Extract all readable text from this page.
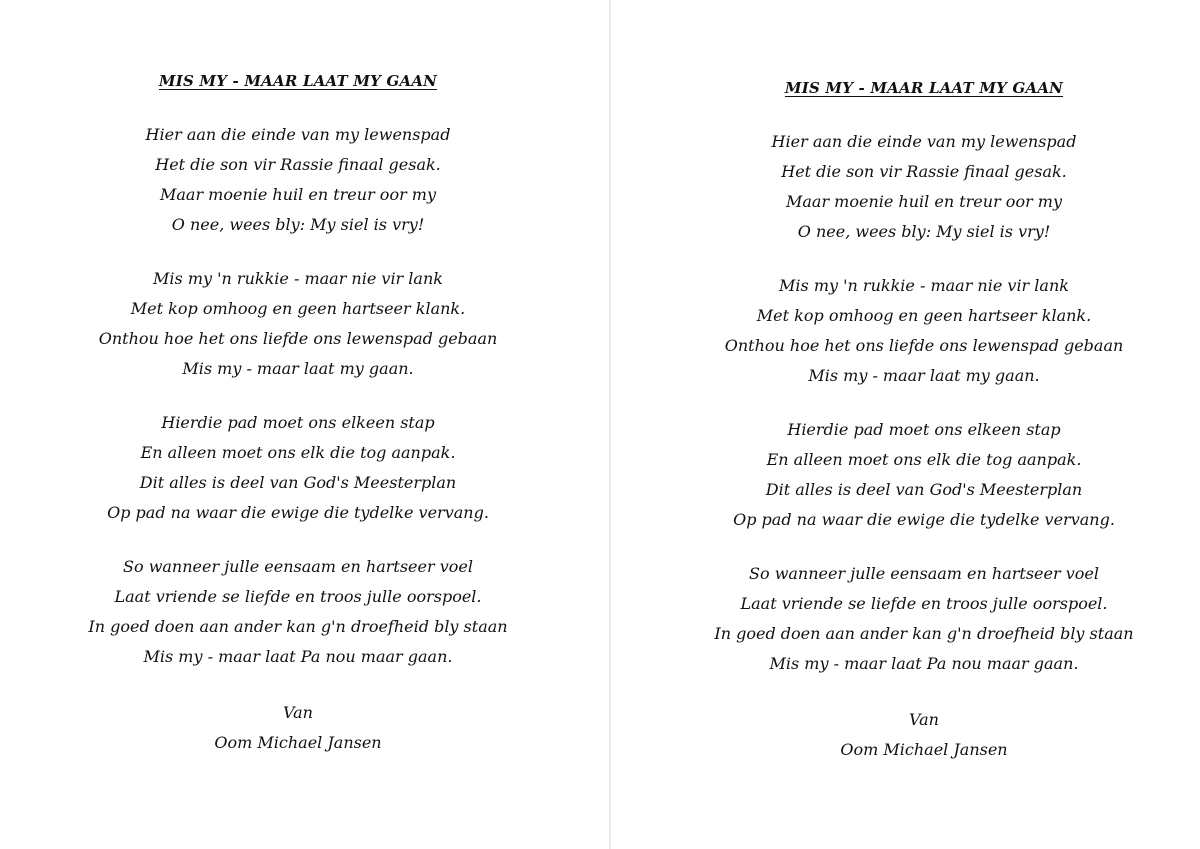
MIS MY - MAAR LAAT MY GAAN
Hier aan die einde van my lewenspad
Het die son vir Rassie finaal gesak.
Maar moenie huil en treur oor my
O nee, wees bly: My siel is vry!
Mis my 'n rukkie - maar nie vir lank
Met kop omhoog en geen hartseer klank.
Onthou hoe het ons liefde ons lewenspad gebaan
Mis my - maar laat my gaan.
Hierdie pad moet ons elkeen stap
En alleen moet ons elk die tog aanpak.
Dit alles is deel van God's Meesterplan
Op pad na waar die ewige die tydelke vervang.
So wanneer julle eensaam en hartseer voel
Laat vriende se liefde en troos julle oorspoel.
In goed doen aan ander kan g'n droefheid bly staan
Mis my - maar laat Pa nou maar gaan.
Van
Oom Michael Jansen
MIS MY - MAAR LAAT MY GAAN
Hier aan die einde van my lewenspad
Het die son vir Rassie finaal gesak.
Maar moenie huil en treur oor my
O nee, wees bly: My siel is vry!
Mis my 'n rukkie - maar nie vir lank
Met kop omhoog en geen hartseer klank.
Onthou hoe het ons liefde ons lewenspad gebaan
Mis my - maar laat my gaan.
Hierdie pad moet ons elkeen stap
En alleen moet ons elk die tog aanpak.
Dit alles is deel van God's Meesterplan
Op pad na waar die ewige die tydelke vervang.
So wanneer julle eensaam en hartseer voel
Laat vriende se liefde en troos julle oorspoel.
In goed doen aan ander kan g'n droefheid bly staan
Mis my - maar laat Pa nou maar gaan.
Van
Oom Michael Jansen
